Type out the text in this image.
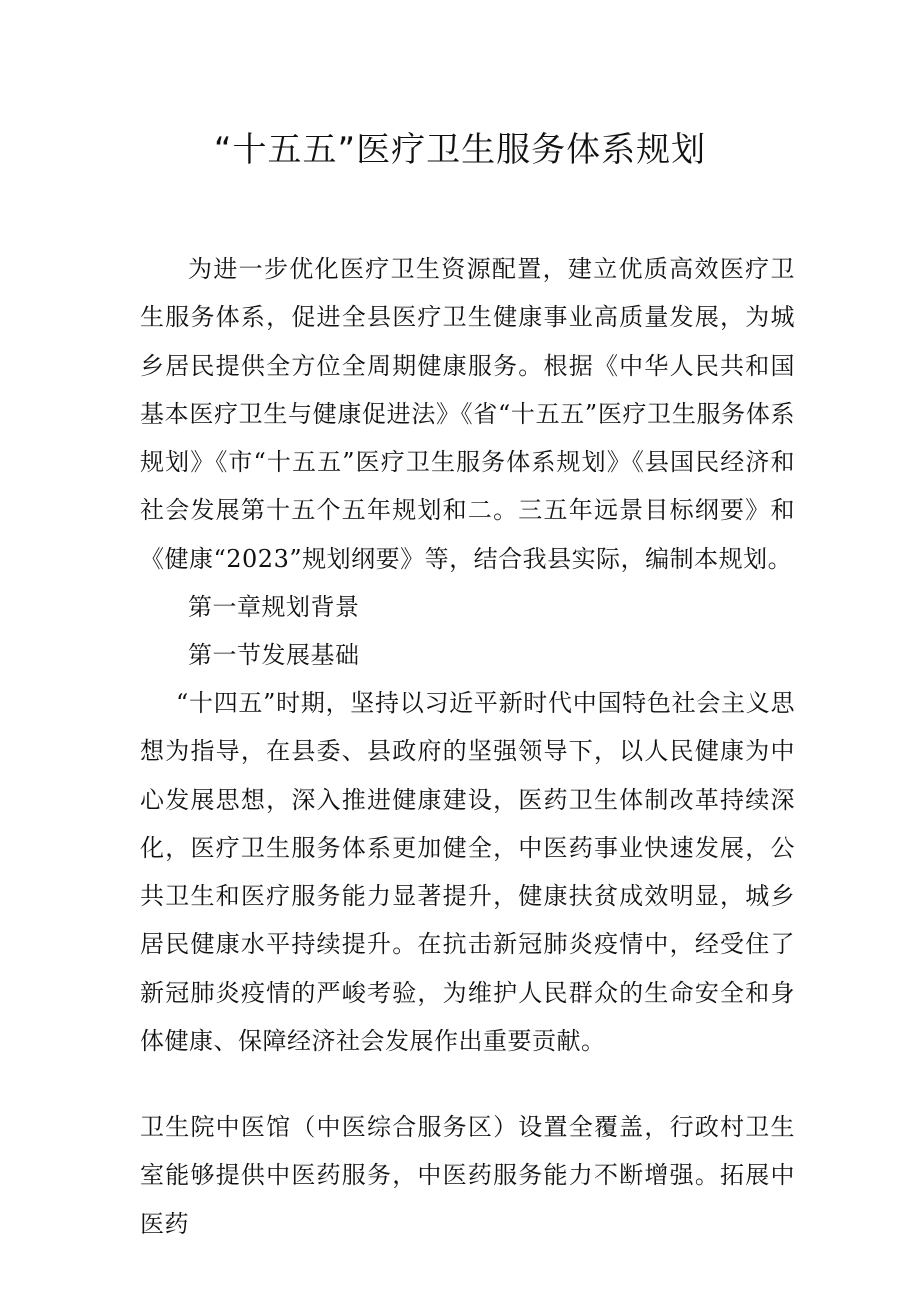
“十五五”医疗卫生服务体系规划

为进一步优化医疗卫生资源配置，建立优质高效医疗卫生服务体系，促进全县医疗卫生健康事业高质量发展，为城乡居民提供全方位全周期健康服务。根据《中华人民共和国基本医疗卫生与健康促进法》《省“十五五”医疗卫生服务体系规划》《市“十五五”医疗卫生服务体系规划》《县国民经济和社会发展第十五个五年规划和二。三五年远景目标纲要》和《健康“2023”规划纲要》等，结合我县实际，编制本规划。

第一章规划背景

第一节发展基础

“十四五”时期，坚持以习近平新时代中国特色社会主义思想为指导，在县委、县政府的坚强领导下，以人民健康为中心发展思想，深入推进健康建设，医药卫生体制改革持续深化，医疗卫生服务体系更加健全，中医药事业快速发展，公共卫生和医疗服务能力显著提升，健康扶贫成效明显，城乡居民健康水平持续提升。在抗击新冠肺炎疫情中，经受住了新冠肺炎疫情的严峻考验，为维护人民群众的生命安全和身体健康、保障经济社会发展作出重要贡献。

卫生院中医馆（中医综合服务区）设置全覆盖，行政村卫生室能够提供中医药服务，中医药服务能力不断增强。拓展中医药
